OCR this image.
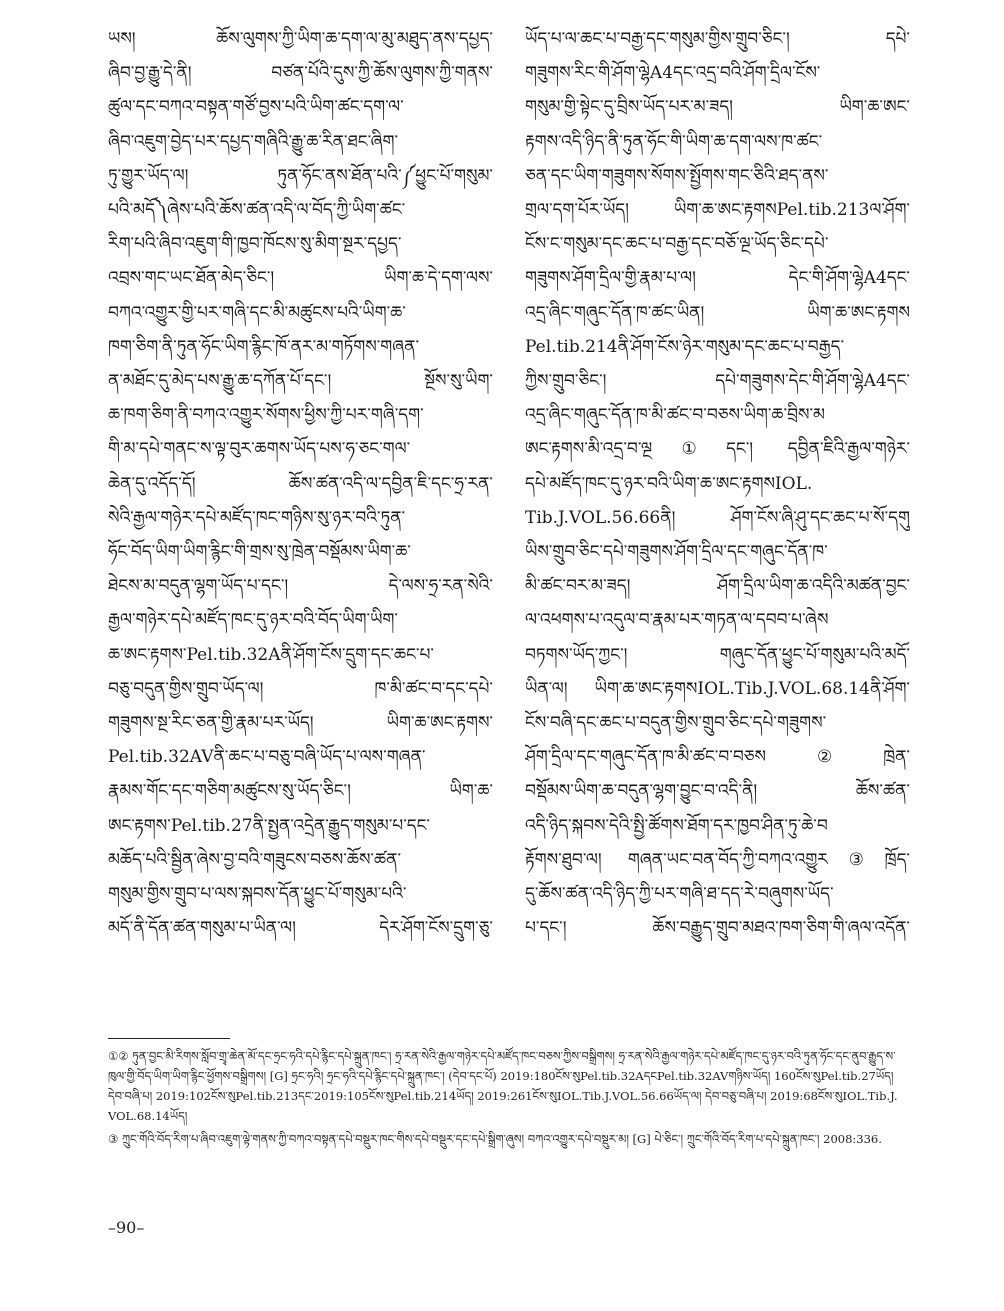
ཡས། ཆོས་ལུགས་ཀྱི་ཡིག་ཆ་དག་ལ་མུ་མཐུད་ནས་དཔྱད་
ཞིབ་བྱ་རྒྱུ་དེ་ནི། བཙན་པོའི་དུས་ཀྱི་ཆོས་ལུགས་ཀྱི་གནས་
ཚུལ་དང་བཀའ་བསྟན་གཙོ་བྱས་པའི་ཡིག་ཚང་དག་ལ་
ཞིབ་འཇུག་བྱེད་པར་དཔྱད་གཞིའི་རྒྱུ་ཆ་རིན་ཐང་ཞིག་
ཏུ་གྱུར་ཡོད་ལ། ཏུན་ཧོང་ནས་ཐོན་པའི་༼ཕྱུང་པོ་གསུམ་
པའི་མདོ༽ཞེས་པའི་ཆོས་ཚན་འདི་ལ་བོད་ཀྱི་ཡིག་ཚང་
རིག་པའི་ཞིབ་འཇུག་གི་ཁྱབ་ཁོངས་སུ་མིག་སྔར་དཔྱད་
འབྲས་གང་ཡང་ཐོན་མེད་ཅིང་། ཡིག་ཆ་དེ་དག་ལས་
བཀའ་འགྱུར་གྱི་པར་གཞི་དང་མི་མཚུངས་པའི་ཡིག་ཆ་
ཁག་ཅིག་ནི་ཏུན་ཧོང་ཡིག་རྙིང་ཁོ་ནར་མ་གཏོགས་གཞན་
ན་མཐོང་དུ་མེད་པས་རྒྱུ་ཆ་དཀོན་པོ་དང་། སྔོས་སུ་ཡིག་
ཆ་ཁག་ཅིག་ནི་བཀའ་འགྱུར་སོགས་ཕྱིས་ཀྱི་པར་གཞི་དག་
གི་མ་དཔེ་གནང་ས་ལྟ་བུར་ཆགས་ཡོད་པས་ཧ་ཅང་གལ་
ཆེན་དུ་འདོད་དོ། ཆོས་ཚན་འདི་ལ་དབྱིན་ཇི་དང་ཧྲ་རན་
སེའི་རྒྱལ་གཉེར་དཔེ་མཛོད་ཁང་གཉིས་སུ་ཉར་བའི་ཏུན་
ཧོང་བོད་ཡིག་ཡིག་རྙིང་གི་གྲས་སུ་ཁྲེན་བསྡོམས་ཡིག་ཆ་
ཐེངས་མ་བདུན་ལྷག་ཡོད་པ་དང་། དེ་ལས་ཧྲ་རན་སེའི་
རྒྱལ་གཉེར་དཔེ་མཛོད་ཁང་དུ་ཉར་བའི་བོད་ཡིག་ཡིག་
ཆ་ཨང་རྟགས་Pel.tib.32Aནི་ཤོག་ངོས་དྲུག་དང་ཆང་པ་
བཅུ་བདུན་གྱིས་གྲུབ་ཡོད་ལ། ཁ་མི་ཚང་བ་དང་དཔེ་
གཟུགས་སྔ་རིང་ཅན་གྱི་རྣམ་པར་ཡོད། ཡིག་ཆ་ཨང་རྟགས་
Pel.tib.32AVནི་ཆང་པ་བཅུ་བཞི་ཡོད་པ་ལས་གཞན་
རྣམས་གོང་དང་གཅིག་མཚུངས་སུ་ཡོད་ཅིང་། ཡིག་ཆ་
ཨང་རྟགས་Pel.tib.27ནི་སྤྱན་འདྲེན་རྒྱུད་གསུམ་པ་དང་
མཆོད་པའི་སྦྱིན་ཞེས་བྱ་བའི་གཟུངས་བཅས་ཆོས་ཚན་
གསུམ་གྱིས་གྲུབ་པ་ལས་སྐབས་དོན་ཕྱུང་པོ་གསུམ་པའི་
མདོ་ནི་དོན་ཚན་གསུམ་པ་ཡིན་ལ། དེར་ཤོག་ངོས་དྲུག་ཅུ་
ཡོད་པ་ལ་ཆང་པ་བརྒྱ་དང་གསུམ་གྱིས་གྲུབ་ཅིང་། དཔེ་
གཟུགས་རིང་གི་ཤོག་ལྷེA4དང་འདྲ་བའི་ཤོག་དྲིལ་ངོས་
གསུམ་གྱི་སྟེང་དུ་བྲིས་ཡོད་པར་མ་ཟད། ཡིག་ཆ་ཨང་
རྟགས་འདི་ཉིད་ནི་ཏུན་ཧོང་གི་ཡིག་ཆ་དག་ལས་ཁ་ཚང་
ཅན་དང་ཡིག་གཟུགས་སོགས་སྤྱོགས་གང་ཅིའི་ཐད་ནས་
གྲལ་དག་པོར་ཡོད། ཡིག་ཆ་ཨང་རྟགསPel.tib.213ལ་ཤོག་
ངོས་ང་གསུམ་དང་ཆང་པ་བརྒྱ་དང་བཅོ་ལྔ་ཡོད་ཅིང་དཔེ་
གཟུགས་ཤོག་དྲིལ་གྱི་རྣམ་པ་ལ། དེང་གི་ཤོག་ལྷེA4དང་
འདྲ་ཞིང་གཞུང་དོན་ཁ་ཚང་ཡིན། ཡིག་ཆ་ཨང་རྟགས
Pel.tib.214ནི་ཤོག་ངོས་ཉེར་གསུམ་དང་ཆང་པ་བརྒྱད་
ཀྱིས་གྲུབ་ཅིང་། དཔེ་གཟུགས་དེང་གི་ཤོག་ལྷེA4དང་
འདྲ་ཞིང་གཞུང་དོན་ཁ་མི་ཚང་བ་བཅས་ཡིག་ཆ་བྲིས་མ
ཨང་རྟགས་མི་འདྲ་བ་ལྔ①དང་། དབྱིན་ཇིའི་རྒྱལ་གཉེར་
དཔེ་མཛོད་ཁང་དུ་ཉར་བའི་ཡིག་ཆ་ཨང་རྟགསIOL.
Tib.J.VOL.56.66ནི། ཤོག་ངོས་ཞི་ཤུ་དང་ཆང་པ་སོ་དགུ
ཡིས་གྲུབ་ཅིང་དཔེ་གཟུགས་ཤོག་དྲིལ་དང་གཞུང་དོན་ཁ་
མི་ཚང་བར་མ་ཟད། ཤོག་དྲིལ་ཡིག་ཆ་འདིའི་མཚན་བྱང་
ལ་འཕགས་པ་འདུལ་བ་རྣམ་པར་གཏན་ལ་དབབ་པ་ཞེས
བཏགས་ཡོད་ཀྱང་། གཞུང་དོན་ཕྱུང་པོ་གསུམ་པའི་མདོ་
ཡིན་ལ། ཡིག་ཆ་ཨང་རྟགསIOL.Tib.J.VOL.68.14ནི་ཤོག་
ངོས་བཞི་དང་ཆང་པ་བདུན་གྱིས་གྲུབ་ཅིང་དཔེ་གཟུགས་
ཤོག་དྲིལ་དང་གཞུང་དོན་ཁ་མི་ཚང་བ་བཅས②ཁྲེན་
བསྡོམས་ཡིག་ཆ་བདུན་ལྷག་བྱུང་བ་འདི་ནི། ཆོས་ཚན་
འདི་ཉིད་སྐབས་དེའི་སྤྱི་ཚོགས་ཐོག་དར་ཁྱབ་ཤིན་ཏུ་ཆེ་བ
རྟོགས་ཐུབ་ལ། གཞན་ཡང་བན་བོད་ཀྱི་བཀའ་འགྱུར③ཁྲོད་
དུ་ཆོས་ཚན་འདི་ཉིད་ཀྱི་པར་གཞི་ཐ་དད་རེ་བཞུགས་ཡོད་
པ་དང་། ཆོས་བརྒྱུད་གྲུབ་མཐའ་ཁག་ཅིག་གི་ཞལ་འདོན་
①② ཏུན་བྱང་མི་རིགས་སློབ་གྲྭ་ཆེན་མོ་དང་ཧྲང་ཧའི་དཔེ་རྙིང་དཔེ་སྐྲུན་ཁང་། ཧྲ་རན་སེའི་རྒྱལ་གཉེར་དཔེ་མཛོད་ཁང་བཅས་ཀྱིས་བསྒྲིགས། ཧྲ་རན་སེའི་རྒྱལ་གཉེར་དཔེ་མཛོད་ཁང་དུ་ཉར་བའི་ཏུན་ཧོང་དང་ནུབ་རྒྱུད་ས་ཁུལ་གྱི་བོད་ཡིག་ཡིག་རྙིང་ཕྱོགས་བསྒྲིགས། [G] ཧྲང་ཧའི། ཧྲང་ཧའི་དཔེ་རྙིང་དཔེ་སྐྲུན་ཁང་། (དེབ་དང་པོ) 2019:180ངོས་སུPel.tib.32AདངPel.tib.32AVགཉིས་ཡོད། 160ངོས་སུPel.tib.27ཡོད། དེབ་བཞི་པ། 2019:102ངོས་སུPel.tib.213དང་2019:105ངོས་སུPel.tib.214ཡོད། 2019:261ངོས་སུIOL.Tib.J.VOL.56.66ཡོད་ལ། དེབ་བཅུ་བཞི་པ། 2019:68ངོས་སུIOL.Tib.J.VOL.68.14ཡོད།
③ ཀྲུང་གོའི་བོད་རིག་པ་ཞིབ་འཇུག་ལྟེ་གནས་ཀྱི་བཀའ་བསྟན་དཔེ་བསྡུར་ཁང་གིས་དཔེ་བསྡུར་དང་དཔེ་སྒྲིག་ཞུས། བཀའ་འགྱུར་དཔེ་བསྡུར་མ། [G] པེ་ཅིང་། ཀྲུང་གོའི་བོད་རིག་པ་དཔེ་སྐྲུན་ཁང་། 2008:336.
–90–
